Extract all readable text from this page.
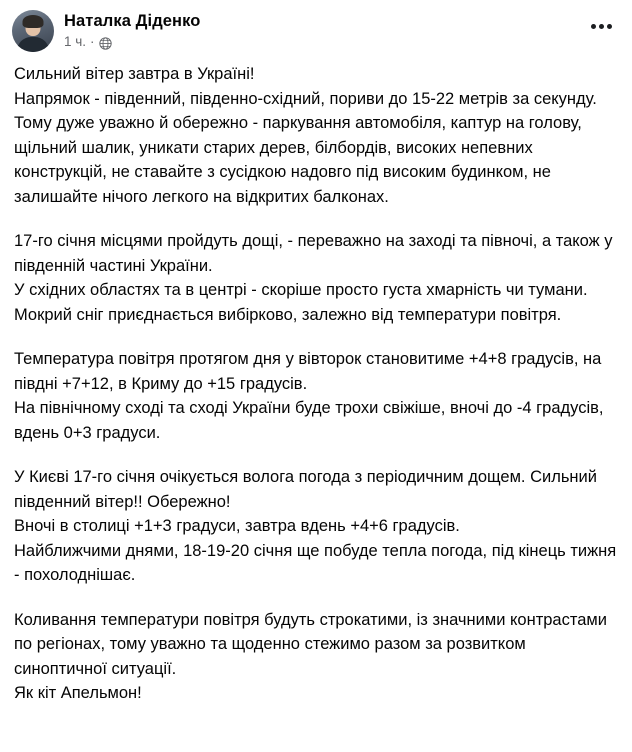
Наталка Діденко
1 ч. ·

Сильний вітер завтра в Україні!

Напрямок - південний, південно-східний, пориви до 15-22 метрів за секунду.

Тому дуже уважно й обережно - паркування автомобіля, каптур на голову, щільний шалик, уникати старих дерев, білбордів, високих непевних конструкцій, не ставайте з сусідкою надовго під високим будинком, не залишайте нічого легкого на відкритих балконах.

17-го січня місцями пройдуть дощі, - переважно на заході та півночі, а також у південній частині України.

У східних областях та в центрі - скоріше просто густа хмарність чи тумани.

Мокрий сніг приєднається вибірково, залежно від температури повітря.

Температура повітря протягом дня у вівторок становитиме +4+8 градусів, на півдні +7+12, в Криму до +15 градусів.

На північному сході та сході України буде трохи свіжіше, вночі до -4 градусів, вдень 0+3 градуси.

У Києві 17-го січня очікується волога погода з періодичним дощем. Сильний південний вітер!! Обережно!

Вночі в столиці +1+3 градуси, завтра вдень +4+6 градусів.

Найближчими днями, 18-19-20 січня ще побуде тепла погода, під кінець тижня - похолоднішає.

Коливання температури повітря будуть строкатими, із значними контрастами по регіонах, тому уважно та щоденно стежимо разом за розвитком синоптичної ситуації.

Як кіт Апельмон!
